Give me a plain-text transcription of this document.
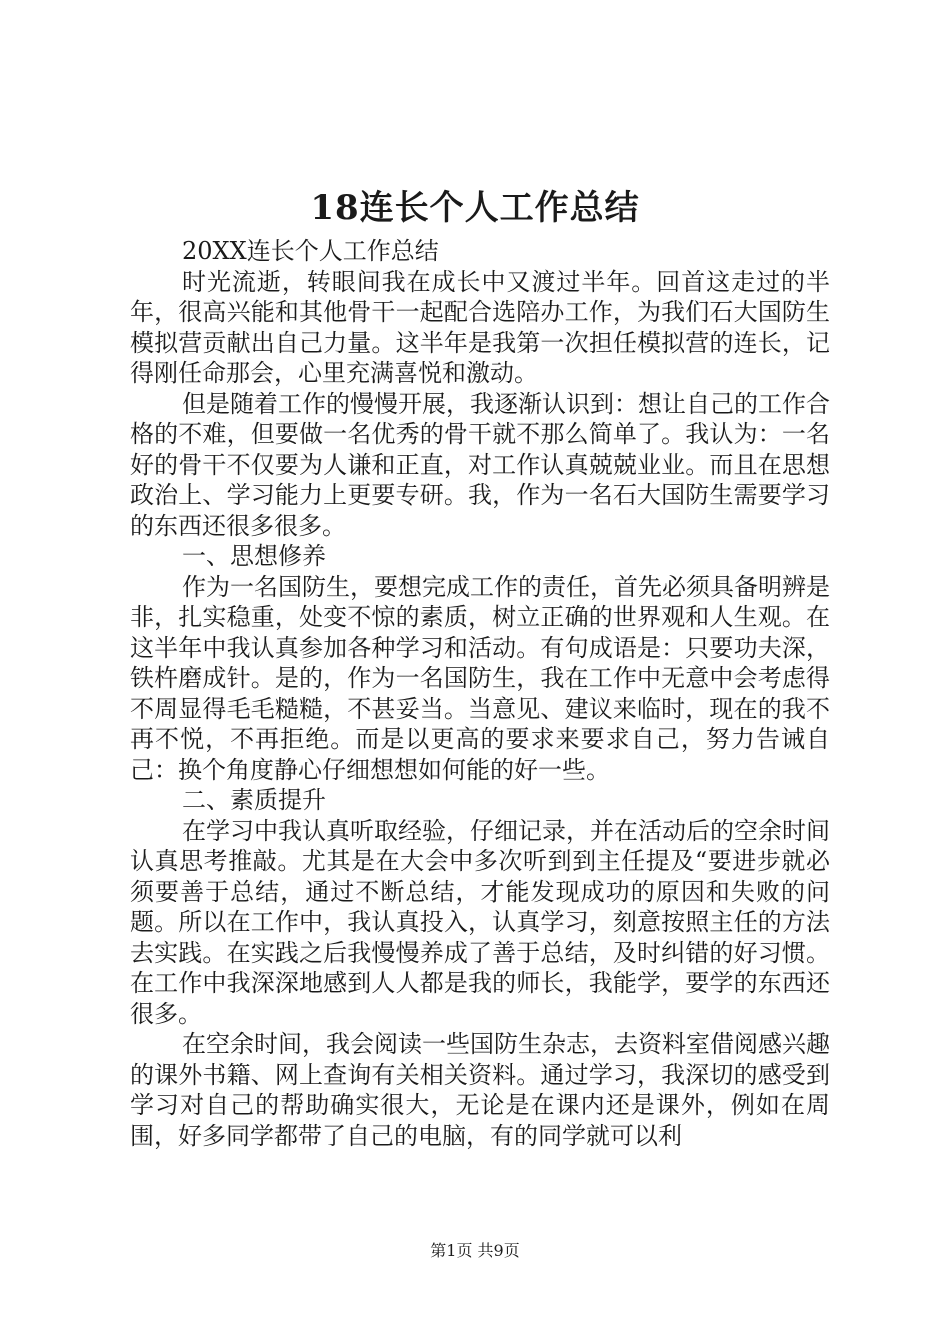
18连长个人工作总结

20XX连长个人工作总结

时光流逝，转眼间我在成长中又渡过半年。回首这走过的半年，很高兴能和其他骨干一起配合选陪办工作，为我们石大国防生模拟营贡献出自己力量。这半年是我第一次担任模拟营的连长，记得刚任命那会，心里充满喜悦和激动。

但是随着工作的慢慢开展，我逐渐认识到：想让自己的工作合格的不难，但要做一名优秀的骨干就不那么简单了。我认为：一名好的骨干不仅要为人谦和正直，对工作认真兢兢业业。而且在思想政治上、学习能力上更要专研。我，作为一名石大国防生需要学习的东西还很多很多。

一、思想修养

作为一名国防生，要想完成工作的责任，首先必须具备明辨是非，扎实稳重，处变不惊的素质，树立正确的世界观和人生观。在这半年中我认真参加各种学习和活动。有句成语是：只要功夫深，铁杵磨成针。是的，作为一名国防生，我在工作中无意中会考虑得不周显得毛毛糙糙，不甚妥当。当意见、建议来临时，现在的我不再不悦，不再拒绝。而是以更高的要求来要求自己，努力告诫自己：换个角度静心仔细想想如何能的好一些。

二、素质提升

在学习中我认真听取经验，仔细记录，并在活动后的空余时间认真思考推敲。尤其是在大会中多次听到到主任提及“要进步就必须要善于总结，通过不断总结，才能发现成功的原因和失败的问题。所以在工作中，我认真投入，认真学习，刻意按照主任的方法去实践。在实践之后我慢慢养成了善于总结，及时纠错的好习惯。在工作中我深深地感到人人都是我的师长，我能学，要学的东西还很多。

在空余时间，我会阅读一些国防生杂志，去资料室借阅感兴趣的课外书籍、网上查询有关相关资料。通过学习，我深切的感受到学习对自己的帮助确实很大，无论是在课内还是课外，例如在周围，好多同学都带了自己的电脑，有的同学就可以利

第1页 共9页
